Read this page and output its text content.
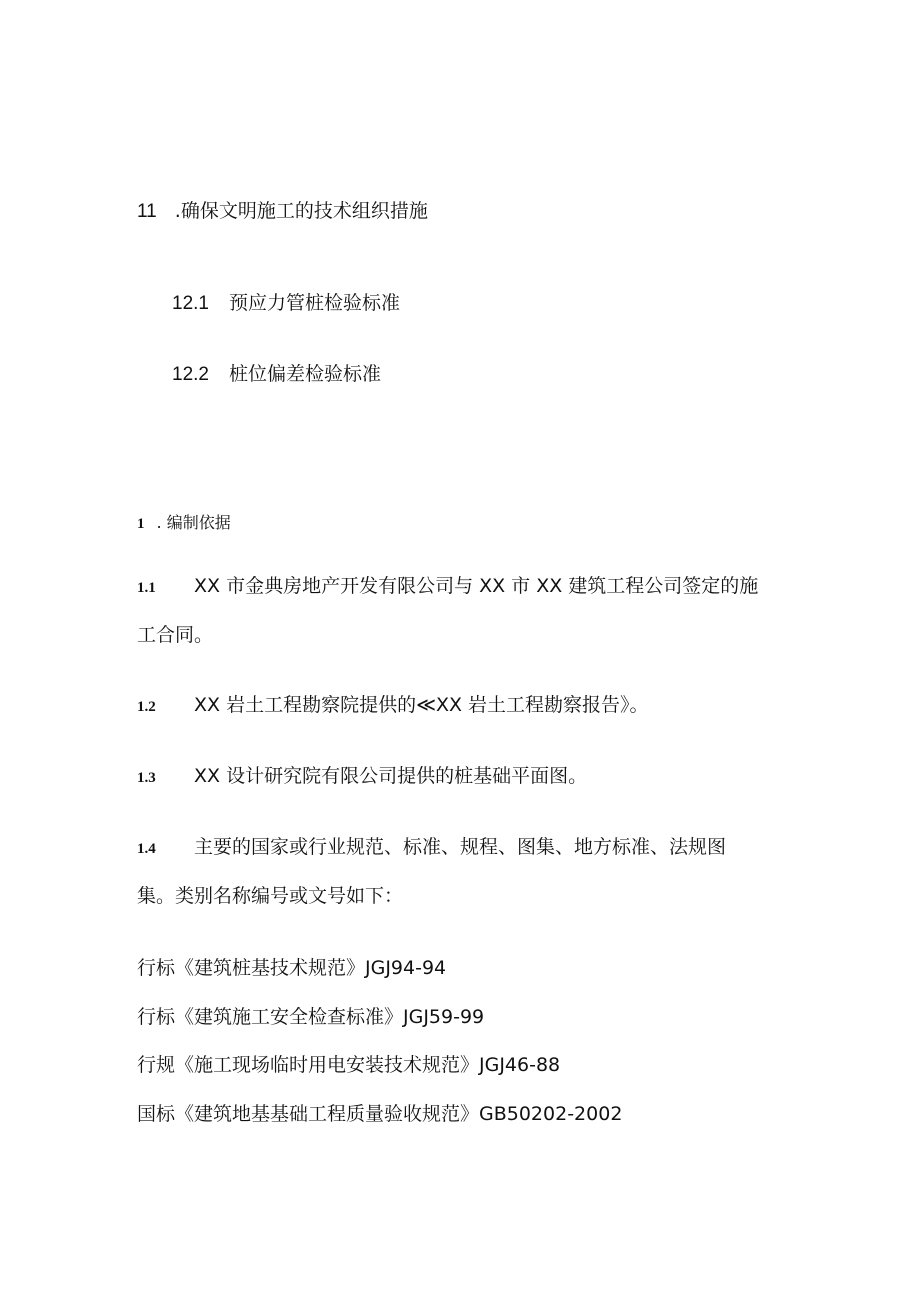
11 .确保文明施工的技术组织措施
12.1 预应力管桩检验标准
12.2 桩位偏差检验标准
1 . 编制依据
1.1 XX 市金典房地产开发有限公司与 XX 市 XX 建筑工程公司签定的施
工合同。
1.2 XX 岩土工程勘察院提供的≪XX 岩土工程勘察报告》。
1.3 XX 设计研究院有限公司提供的桩基础平面图。
1.4 主要的国家或行业规范、标准、规程、图集、地方标准、法规图
集。类别名称编号或文号如下：
行标《建筑桩基技术规范》JGJ94-94
行标《建筑施工安全检查标准》JGJ59-99
行规《施工现场临时用电安装技术规范》JGJ46-88
国标《建筑地基基础工程质量验收规范》GB50202-2002
